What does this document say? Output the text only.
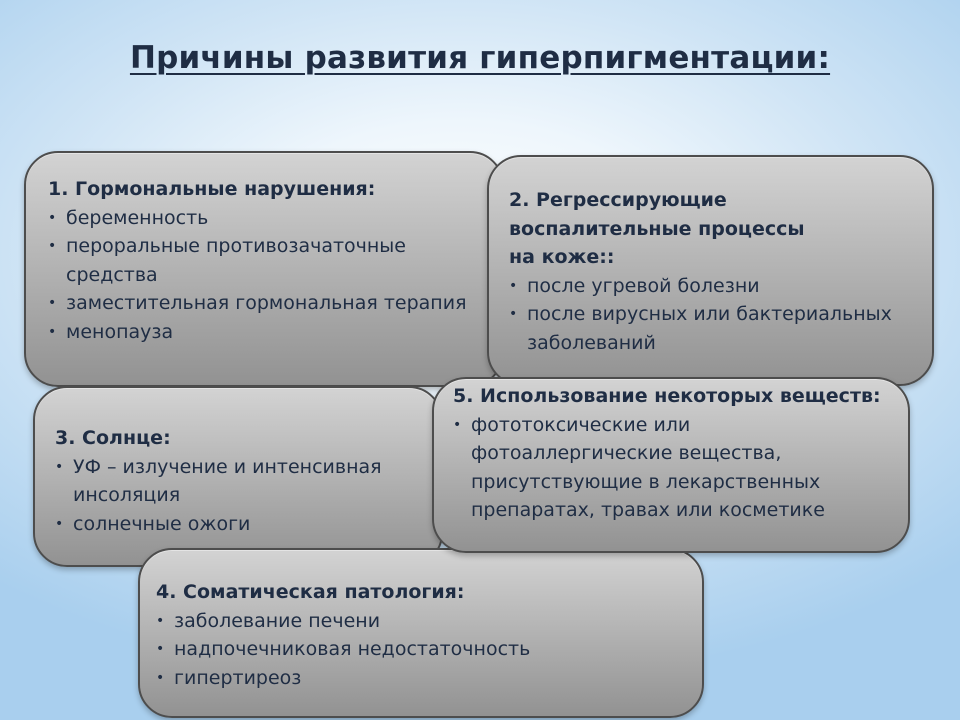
Причины развития гиперпигментации:
1. Гормональные нарушения:
• беременность
• пероральные противозачаточные средства
• заместительная гормональная терапия
• менопауза
2. Регрессирующие
воспалительные процессы
на коже::
• после угревой болезни
• после вирусных или бактериальных заболеваний
3. Солнце:
• УФ – излучение и интенсивная инсоляция
• солнечные ожоги
4. Соматическая патология:
• заболевание печени
• надпочечниковая недостаточность
• гипертиреоз
5. Использование некоторых веществ:
• фототоксические или фотоаллергические вещества, присутствующие в лекарственных препаратах, травах или косметике
